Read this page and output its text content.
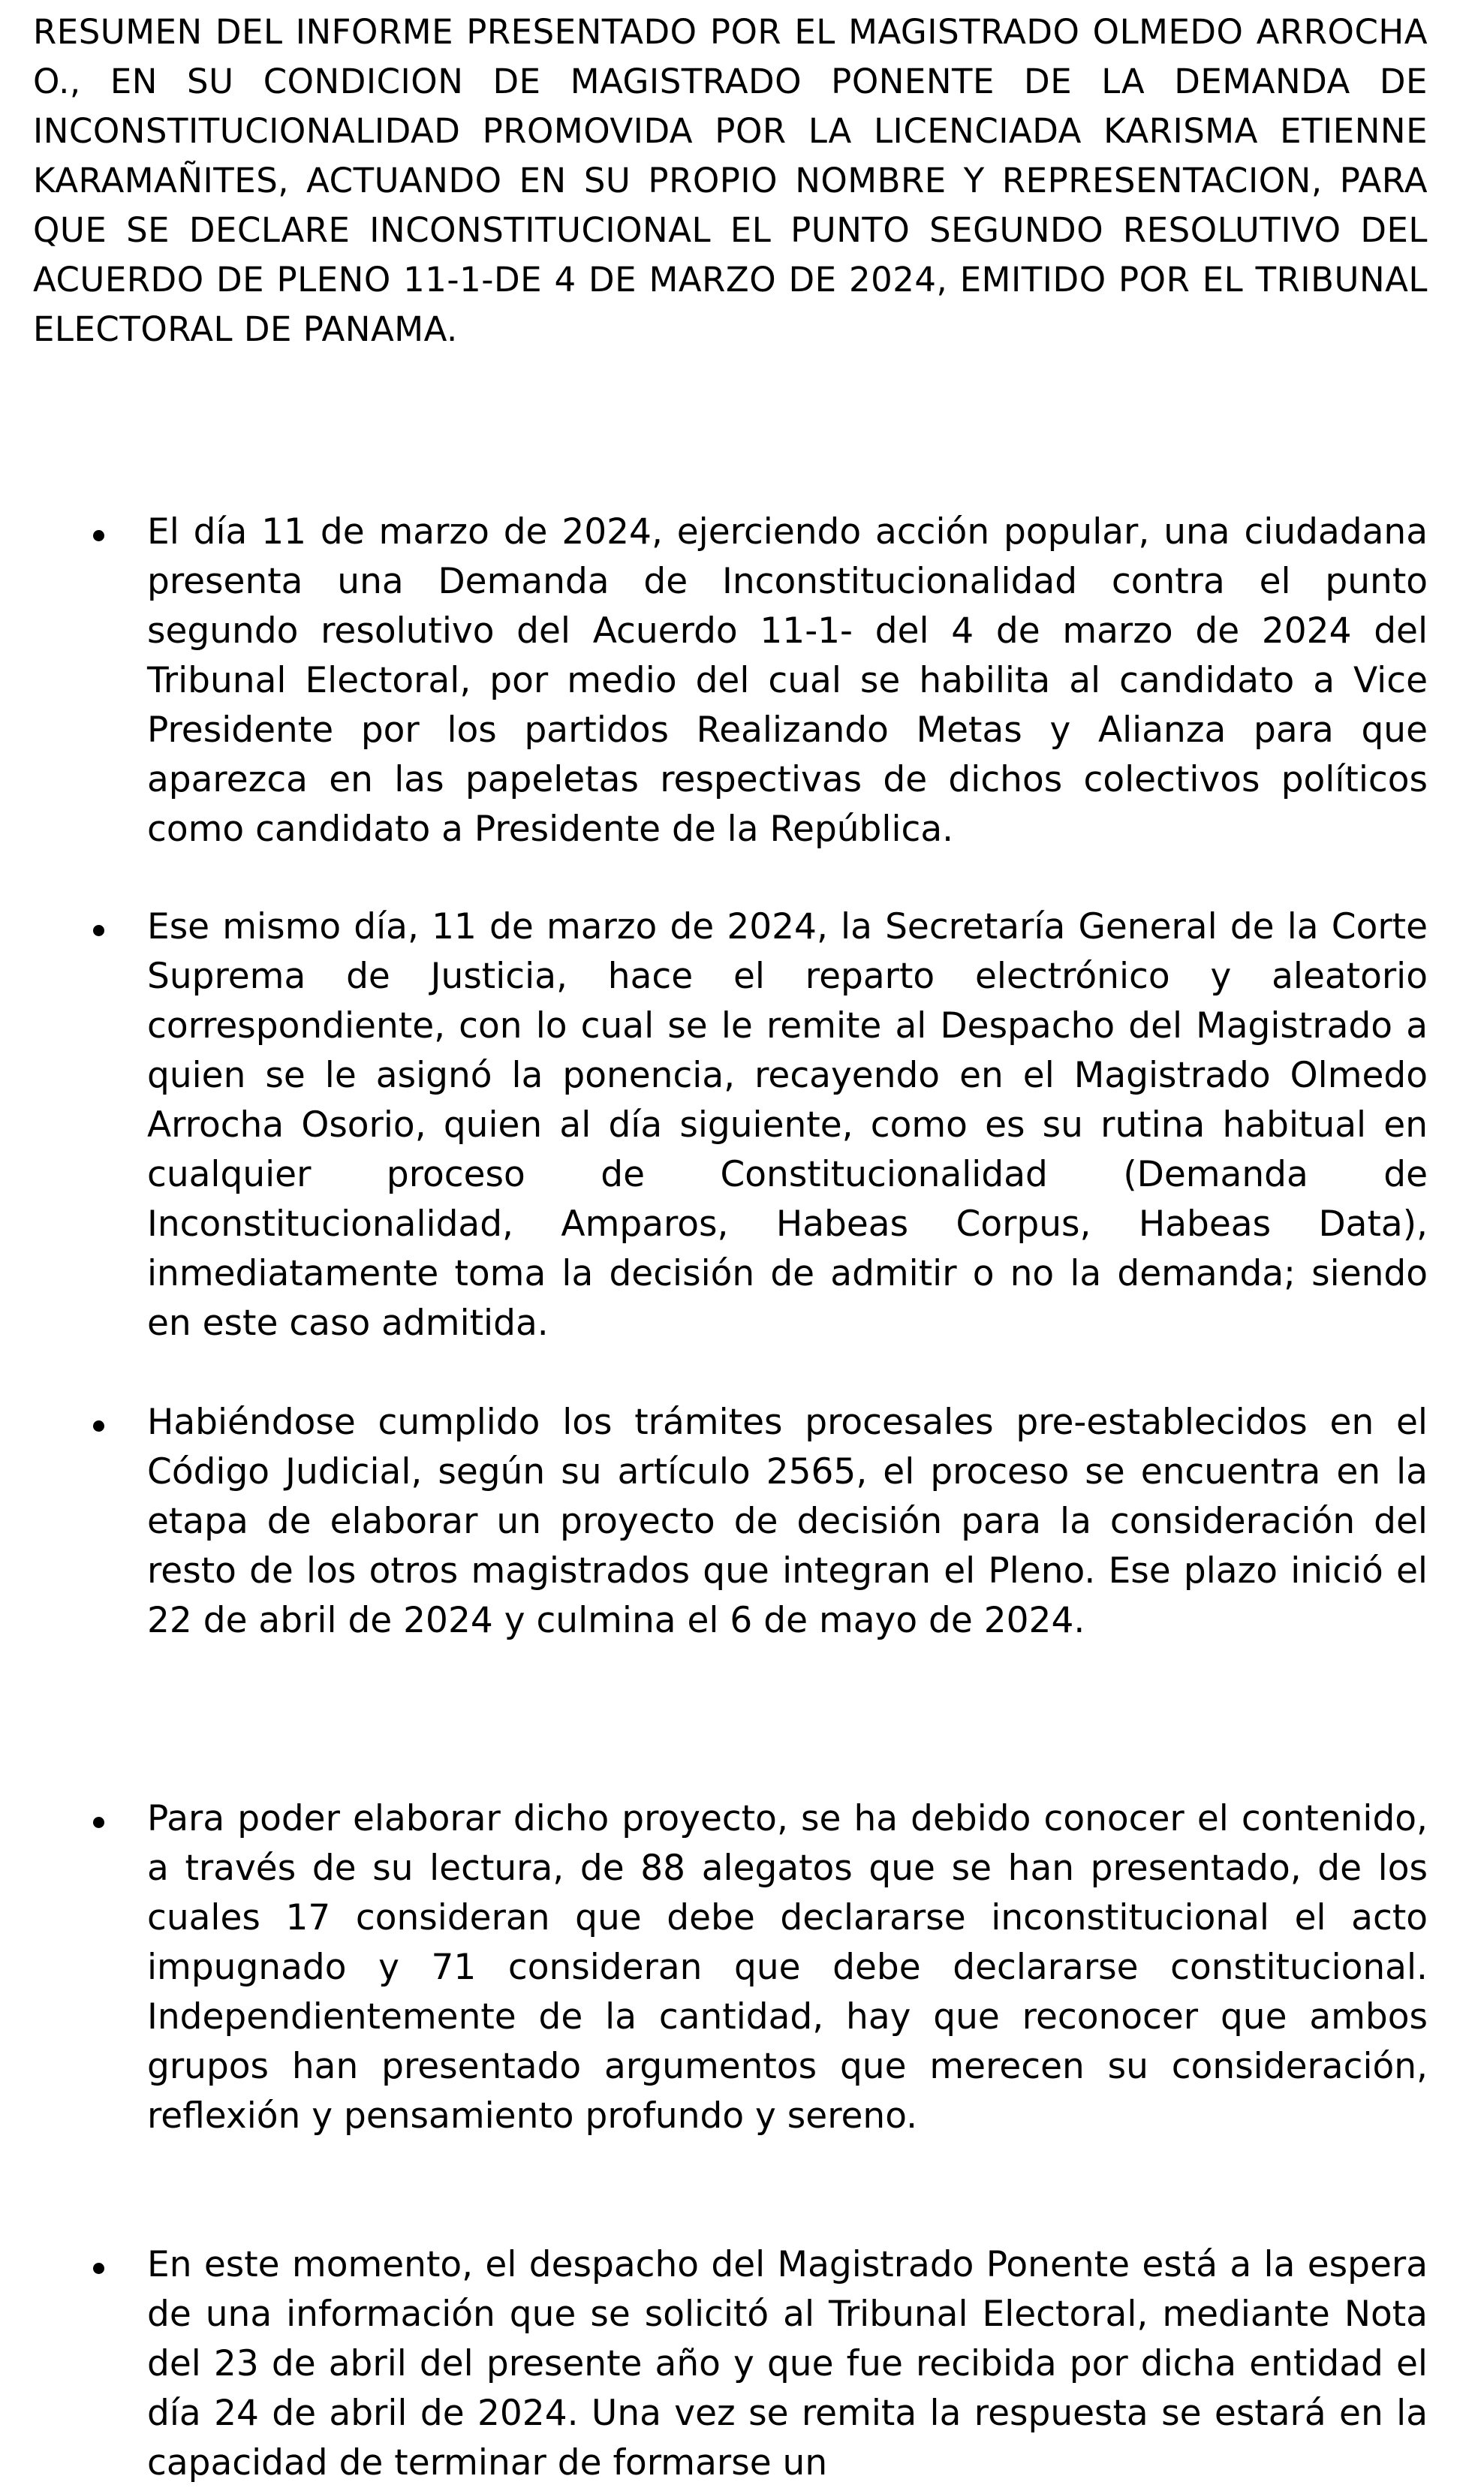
RESUMEN DEL INFORME PRESENTADO POR EL MAGISTRADO OLMEDO ARROCHA O., EN SU CONDICION DE MAGISTRADO PONENTE DE LA DEMANDA DE INCONSTITUCIONALIDAD PROMOVIDA POR LA LICENCIADA KARISMA ETIENNE KARAMAÑITES, ACTUANDO EN SU PROPIO NOMBRE Y REPRESENTACION, PARA QUE SE DECLARE INCONSTITUCIONAL EL PUNTO SEGUNDO RESOLUTIVO DEL ACUERDO DE PLENO 11-1-DE 4 DE MARZO DE 2024, EMITIDO POR EL TRIBUNAL ELECTORAL DE PANAMA.

El día 11 de marzo de 2024, ejerciendo acción popular, una ciudadana presenta una Demanda de Inconstitucionalidad contra el punto segundo resolutivo del Acuerdo 11-1- del 4 de marzo de 2024 del Tribunal Electoral, por medio del cual se habilita al candidato a Vice Presidente por los partidos Realizando Metas y Alianza para que aparezca en las papeletas respectivas de dichos colectivos políticos como candidato a Presidente de la República.
Ese mismo día, 11 de marzo de 2024, la Secretaría General de la Corte Suprema de Justicia, hace el reparto electrónico y aleatorio correspondiente, con lo cual se le remite al Despacho del Magistrado a quien se le asignó la ponencia, recayendo en el Magistrado Olmedo Arrocha Osorio, quien al día siguiente, como es su rutina habitual en cualquier proceso de Constitucionalidad (Demanda de Inconstitucionalidad, Amparos, Habeas Corpus, Habeas Data), inmediatamente toma la decisión de admitir o no la demanda; siendo en este caso admitida.
Habiéndose cumplido los trámites procesales pre-establecidos en el Código Judicial, según su artículo 2565, el proceso se encuentra en la etapa de elaborar un proyecto de decisión para la consideración del resto de los otros magistrados que integran el Pleno. Ese plazo inició el 22 de abril de 2024 y culmina el 6 de mayo de 2024.
Para poder elaborar dicho proyecto, se ha debido conocer el contenido, a través de su lectura, de 88 alegatos que se han presentado, de los cuales 17 consideran que debe declararse inconstitucional el acto impugnado y 71 consideran que debe declararse constitucional. Independientemente de la cantidad, hay que reconocer que ambos grupos han presentado argumentos que merecen su consideración, reflexión y pensamiento profundo y sereno.
En este momento, el despacho del Magistrado Ponente está a la espera de una información que se solicitó al Tribunal Electoral, mediante Nota del 23 de abril del presente año y que fue recibida por dicha entidad el día 24 de abril de 2024. Una vez se remita la respuesta se estará en la capacidad de terminar de formarse un
